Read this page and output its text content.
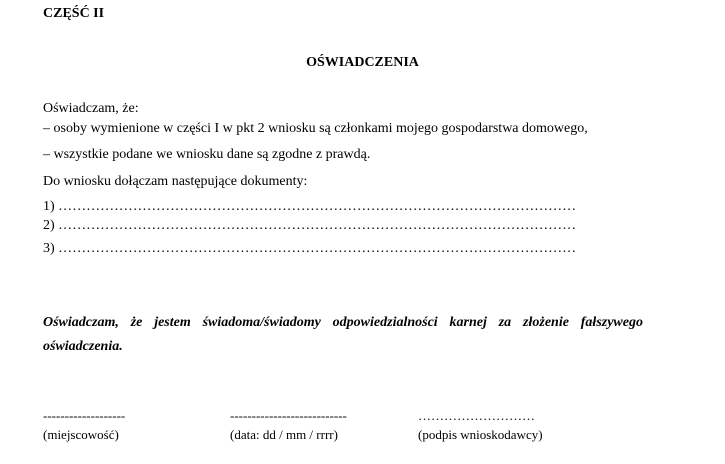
CZĘŚĆ II
OŚWIADCZENIA
Oświadczam, że:
– osoby wymienione w części I w pkt 2 wniosku są członkami mojego gospodarstwa domowego,
– wszystkie podane we wniosku dane są zgodne z prawdą.
Do wniosku dołączam następujące dokumenty:
1) …………………………………………………………………………………………………
2) …………………………………………………………………………………………………
3) …………………………………………………………………………………………………
Oświadczam, że jestem świadoma/świadomy odpowiedzialności karnej za złożenie fałszywego oświadczenia.
-------------------	---------------------------	………………………
(miejscowość)	(data: dd / mm / rrrr)	(podpis wnioskodawcy)
